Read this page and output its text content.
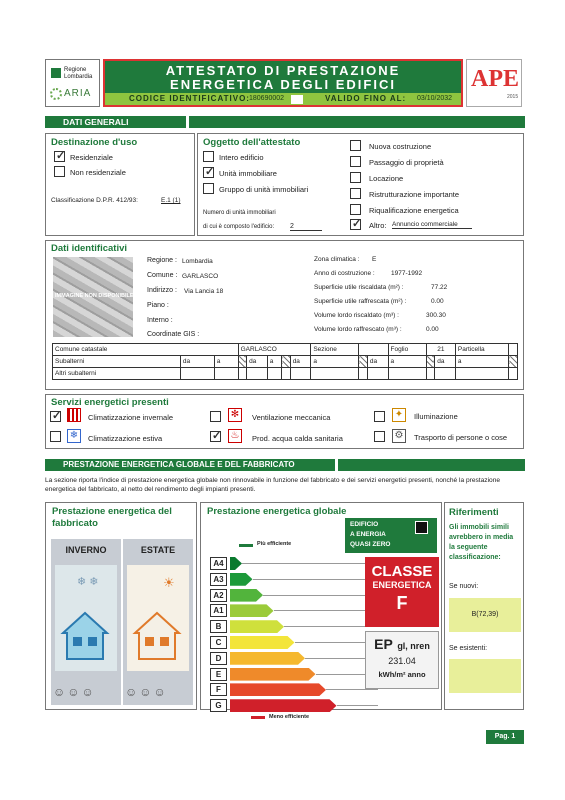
Regione
Lombardia
ARIA
ATTESTATO DI PRESTAZIONE
ENERGETICA DEGLI EDIFICI
CODICE IDENTIFICATIVO: 180690002	VALIDO FINO AL: 03/10/2032
APE
2015
DATI GENERALI
Destinazione d'uso
✓
Residenziale
Non residenziale
Classificazione D.P.R. 412/93:	E.1 (1)
Oggetto dell'attestato
Intero edificio
✓
Unità immobiliare
Gruppo di unità immobiliari
Numero di unità immobiliari
di cui è composto l'edificio: 2
Nuova costruzione
Passaggio di proprietà
Locazione
Ristrutturazione importante
Riqualificazione energetica
✓
Altro: Annuncio commerciale
Dati identificativi
IMMAGINE NON DISPONIBILE
Regione : Lombardia
Comune : GARLASCO
Indirizzo : Via Lancia 18
Piano :
Interno :
Coordinate GIS :
Zona climatica : E
Anno di costruzione :	1977-1992
Superficie utile riscaldata (m²) :	77.22
Superficie utile raffrescata (m²) :	0.00
Volume lordo riscaldato (m³) :	300.30
Volume lordo raffrescato (m³) :	0.00
Comune catastale			GARLASCO					Sezione			Foglio	21		Particella	
Subalterni	da	a		da	a		da	a		da	a		da	a	
Altri subalterni															
Servizi energetici presenti
✓
Climatizzazione invernale
❄	Climatizzazione estiva
✻	Ventilazione meccanica
✓
♨	Prod. acqua calda sanitaria
✦	Illuminazione
⚙	Trasporto di persone o cose
PRESTAZIONE ENERGETICA GLOBALE E DEL FABBRICATO
La sezione riporta l'indice di prestazione energetica globale non rinnovabile in funzione del fabbricato e dei servizi energetici presenti, nonché la prestazione energetica del fabbricato, al netto del rendimento degli impianti presenti.
Prestazione energetica del
fabbricato
INVERNO
❄ ❄
☺☺☺
ESTATE
☀
☺☺☺
Prestazione energetica globale
Più efficiente
A4
A3
A2
A1
B
C
D
E
F
G
Meno efficiente
EDIFICIO
A ENERGIA
QUASI ZERO
CLASSE
ENERGETICA
F
EP gl, nren
231.04
kWh/m² anno
Riferimenti
Gli immobili simili
avrebbero in media
la seguente
classificazione:
Se nuovi:
B(72,39)
Se esistenti:
Pag. 1
